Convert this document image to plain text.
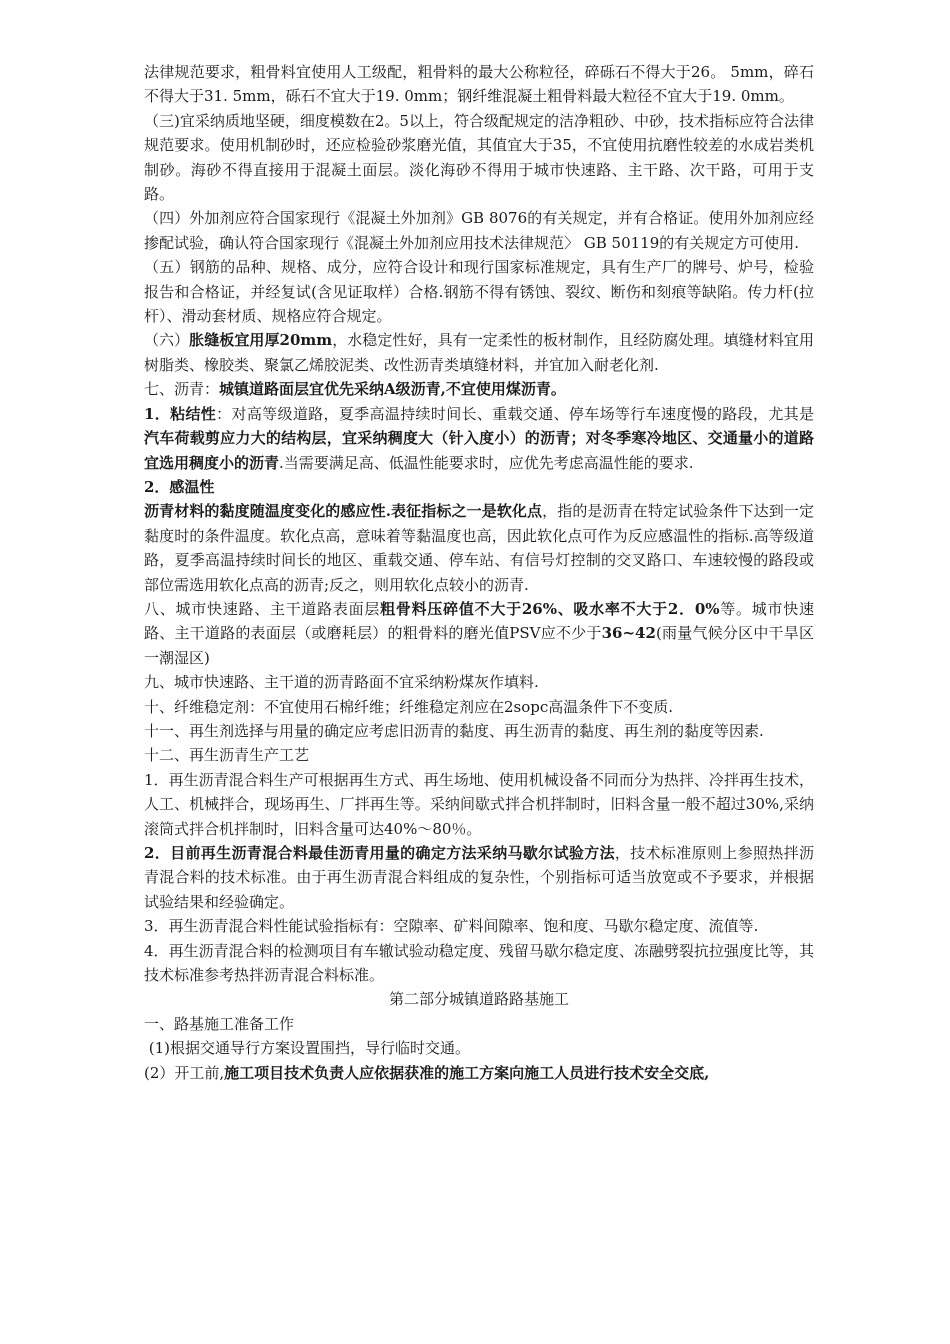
法律规范要求，粗骨料宜使用人工级配，粗骨料的最大公称粒径，碎砾石不得大于26。 5mm，碎石不得大于31. 5mm，砾石不宜大于19. 0mm；钢纤维混凝土粗骨料最大粒径不宜大于19. 0mm。

（三)宜采纳质地坚硬，细度模数在2。5以上，符合级配规定的洁净粗砂、中砂，技术指标应符合法律规范要求。使用机制砂时，还应检验砂浆磨光值，其值宜大于35，不宜使用抗磨性较差的水成岩类机制砂。海砂不得直接用于混凝土面层。淡化海砂不得用于城市快速路、主干路、次干路，可用于支路。

（四）外加剂应符合国家现行《混凝土外加剂》GB 8076的有关规定，并有合格证。使用外加剂应经掺配试验，确认符合国家现行《混凝土外加剂应用技术法律规范〉 GB 50119的有关规定方可使用.

（五）钢筋的品种、规格、成分，应符合设计和现行国家标准规定，具有生产厂的牌号、炉号，检验报告和合格证，并经复试(含见证取样）合格.钢筋不得有锈蚀、裂纹、断伤和刻痕等缺陷。传力杆(拉杆）、滑动套材质、规格应符合规定。

（六）胀缝板宜用厚20mm，水稳定性好，具有一定柔性的板材制作，且经防腐处理。填缝材料宜用树脂类、橡胶类、聚氯乙烯胶泥类、改性沥青类填缝材料，并宜加入耐老化剂.

七、沥青：城镇道路面层宜优先采纳A级沥青,不宜使用煤沥青。

1．粘结性：对高等级道路，夏季高温持续时间长、重载交通、停车场等行车速度慢的路段，尤其是汽车荷载剪应力大的结构层，宜采纳稠度大（针入度小）的沥青；对冬季寒冷地区、交通量小的道路宜选用稠度小的沥青.当需要满足高、低温性能要求时，应优先考虑高温性能的要求.

2．感温性

沥青材料的黏度随温度变化的感应性.表征指标之一是软化点，指的是沥青在特定试验条件下达到一定黏度时的条件温度。软化点高，意味着等黏温度也高，因此软化点可作为反应感温性的指标.高等级道路，夏季高温持续时间长的地区、重载交通、停车站、有信号灯控制的交叉路口、车速较慢的路段或部位需选用软化点高的沥青;反之，则用软化点较小的沥青.

八、城市快速路、主干道路表面层粗骨料压碎值不大于26%、吸水率不大于2．0%等。城市快速路、主干道路的表面层（或磨耗层）的粗骨料的磨光值PSV应不少于36~42(雨量气候分区中干旱区一潮湿区)

九、城市快速路、主干道的沥青路面不宜采纳粉煤灰作填料.

十、纤维稳定剂：不宜使用石棉纤维；纤维稳定剂应在2sopc高温条件下不变质.

十一、再生剂选择与用量的确定应考虑旧沥青的黏度、再生沥青的黏度、再生剂的黏度等因素.

十二、再生沥青生产工艺

1．再生沥青混合料生产可根据再生方式、再生场地、使用机械设备不同而分为热拌、冷拌再生技术，人工、机械拌合，现场再生、厂拌再生等。采纳间歇式拌合机拌制时，旧料含量一般不超过30%,采纳滚筒式拌合机拌制时，旧料含量可达40%～80％。

2．目前再生沥青混合料最佳沥青用量的确定方法采纳马歇尔试验方法，技术标准原则上参照热拌沥青混合料的技术标准。由于再生沥青混合料组成的复杂性，个别指标可适当放宽或不予要求，并根据试验结果和经验确定。

3．再生沥青混合料性能试验指标有：空隙率、矿料间隙率、饱和度、马歇尔稳定度、流值等.

4．再生沥青混合料的检测项目有车辙试验动稳定度、残留马歇尔稳定度、冻融劈裂抗拉强度比等，其技术标准参考热拌沥青混合料标准。

第二部分城镇道路路基施工

一、路基施工准备工作

(1)根据交通导行方案设置围挡，导行临时交通。

(2）开工前,施工项目技术负责人应依据获准的施工方案向施工人员进行技术安全交底,
